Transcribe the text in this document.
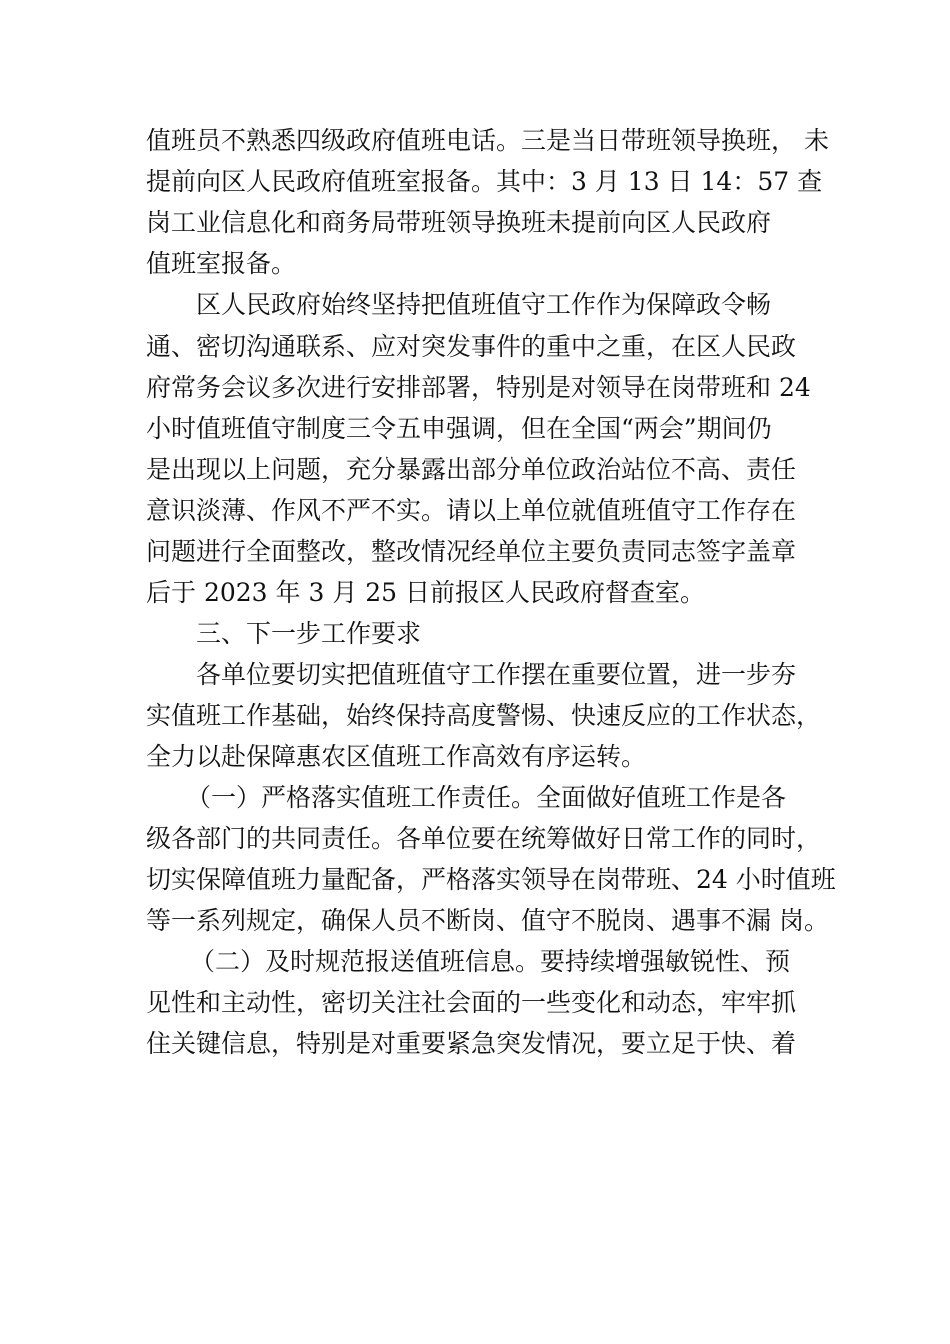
值班员不熟悉四级政府值班电话。三是当日带班领导换班， 未
提前向区人民政府值班室报备。其中：3 月 13 日 14：57 查
岗工业信息化和商务局带班领导换班未提前向区人民政府
值班室报备。
区人民政府始终坚持把值班值守工作作为保障政令畅
通、密切沟通联系、应对突发事件的重中之重，在区人民政
府常务会议多次进行安排部署，特别是对领导在岗带班和 24
小时值班值守制度三令五申强调，但在全国“两会”期间仍
是出现以上问题，充分暴露出部分单位政治站位不高、责任
意识淡薄、作风不严不实。请以上单位就值班值守工作存在
问题进行全面整改，整改情况经单位主要负责同志签字盖章
后于 2023 年 3 月 25 日前报区人民政府督查室。
三、下一步工作要求
各单位要切实把值班值守工作摆在重要位置，进一步夯
实值班工作基础，始终保持高度警惕、快速反应的工作状态，
全力以赴保障惠农区值班工作高效有序运转。
（一）严格落实值班工作责任。全面做好值班工作是各
级各部门的共同责任。各单位要在统筹做好日常工作的同时，
切实保障值班力量配备，严格落实领导在岗带班、24 小时值班
等一系列规定，确保人员不断岗、值守不脱岗、遇事不漏 岗。
（二）及时规范报送值班信息。要持续增强敏锐性、预
见性和主动性，密切关注社会面的一些变化和动态，牢牢抓
住关键信息，特别是对重要紧急突发情况，要立足于快、着
